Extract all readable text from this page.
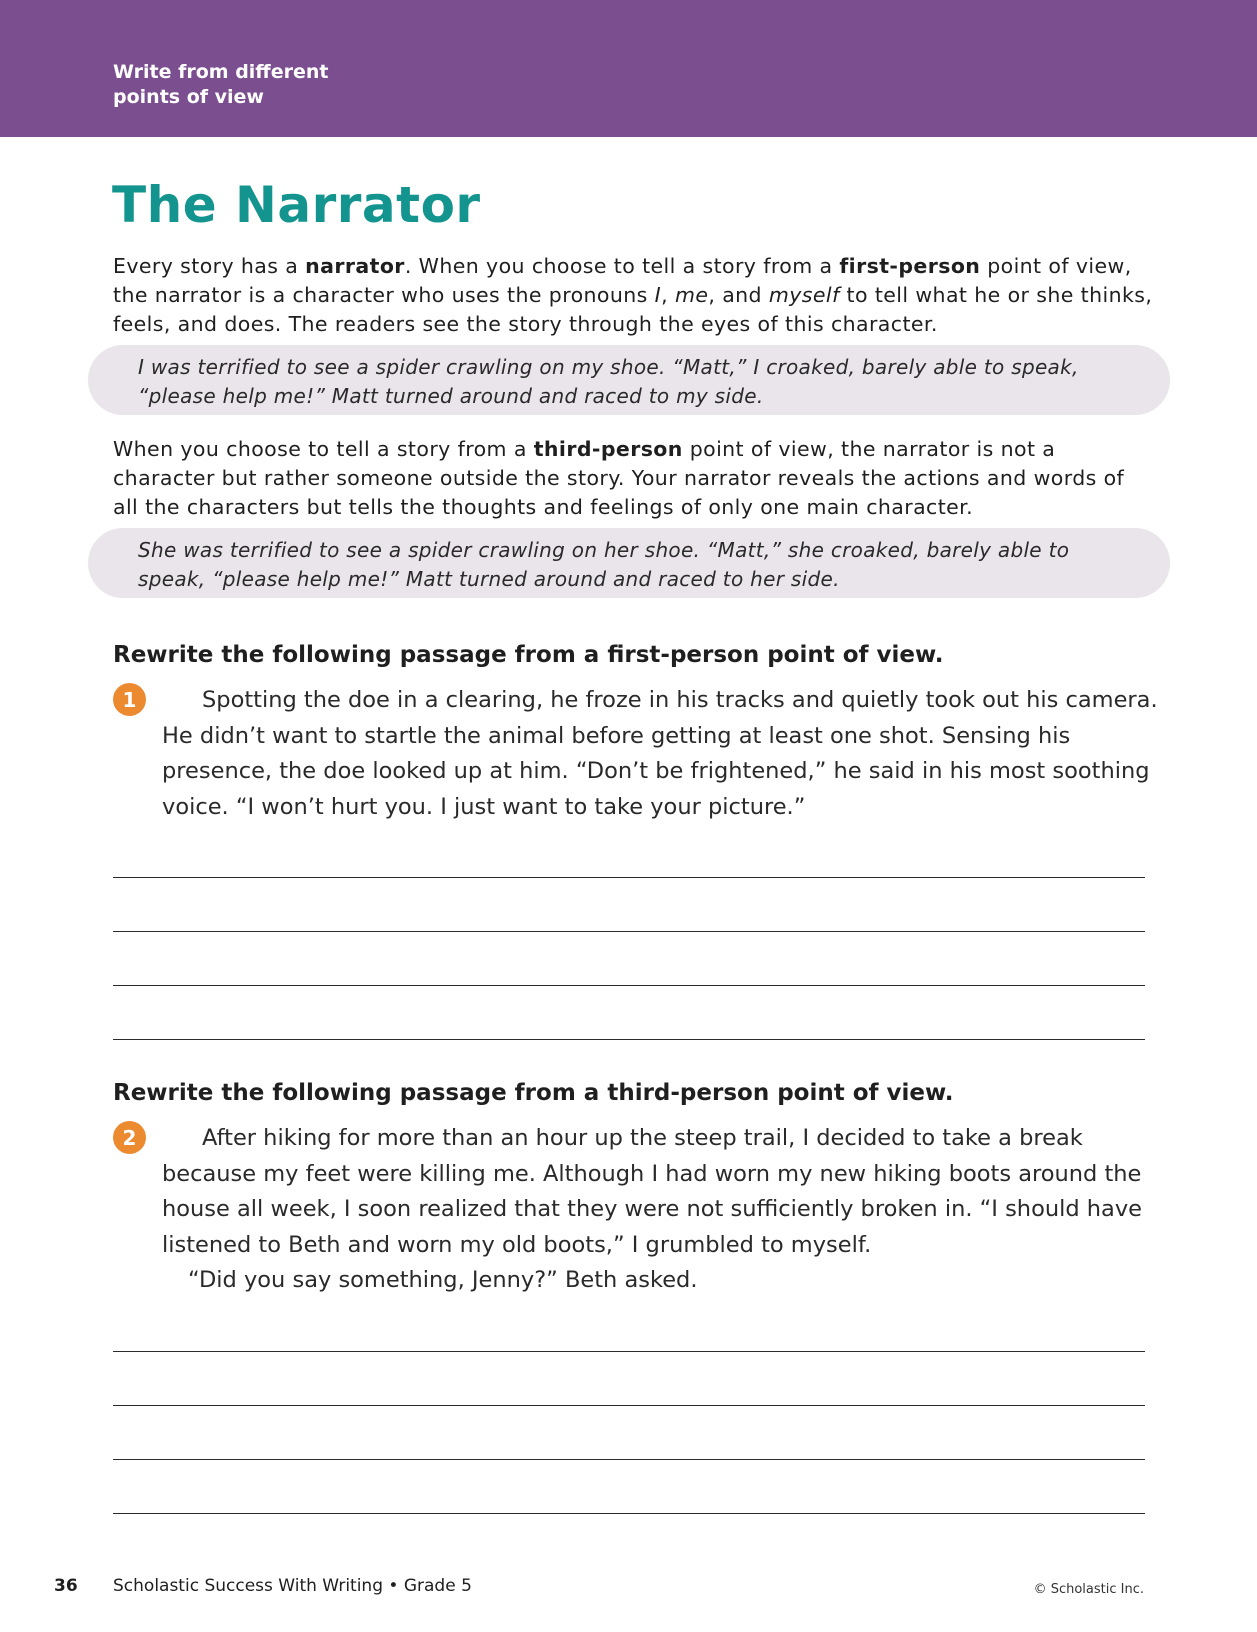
Write from different
points of view
The Narrator

Every story has a narrator. When you choose to tell a story from a first-person point of view, the narrator is a character who uses the pronouns I, me, and myself to tell what he or she thinks, feels, and does. The readers see the story through the eyes of this character.

I was terrified to see a spider crawling on my shoe. “Matt,” I croaked, barely able to speak, “please help me!” Matt turned around and raced to my side.

When you choose to tell a story from a third-person point of view, the narrator is not a character but rather someone outside the story. Your narrator reveals the actions and words of all the characters but tells the thoughts and feelings of only one main character.

She was terrified to see a spider crawling on her shoe. “Matt,” she croaked, barely able to speak, “please help me!” Matt turned around and raced to her side.
Rewrite the following passage from a first-person point of view.
1	Spotting the doe in a clearing, he froze in his tracks and quietly took out his camera. He didn’t want to startle the animal before getting at least one shot. Sensing his presence, the doe looked up at him. “Don’t be frightened,” he said in his most soothing voice. “I won’t hurt you. I just want to take your picture.”
Rewrite the following passage from a third-person point of view.
2	After hiking for more than an hour up the steep trail, I decided to take a break because my feet were killing me. Although I had worn my new hiking boots around the house all week, I soon realized that they were not sufficiently broken in. “I should have listened to Beth and worn my old boots,” I grumbled to myself.
“Did you say something, Jenny?” Beth asked.
36 Scholastic Success With Writing • Grade 5	© Scholastic Inc.
